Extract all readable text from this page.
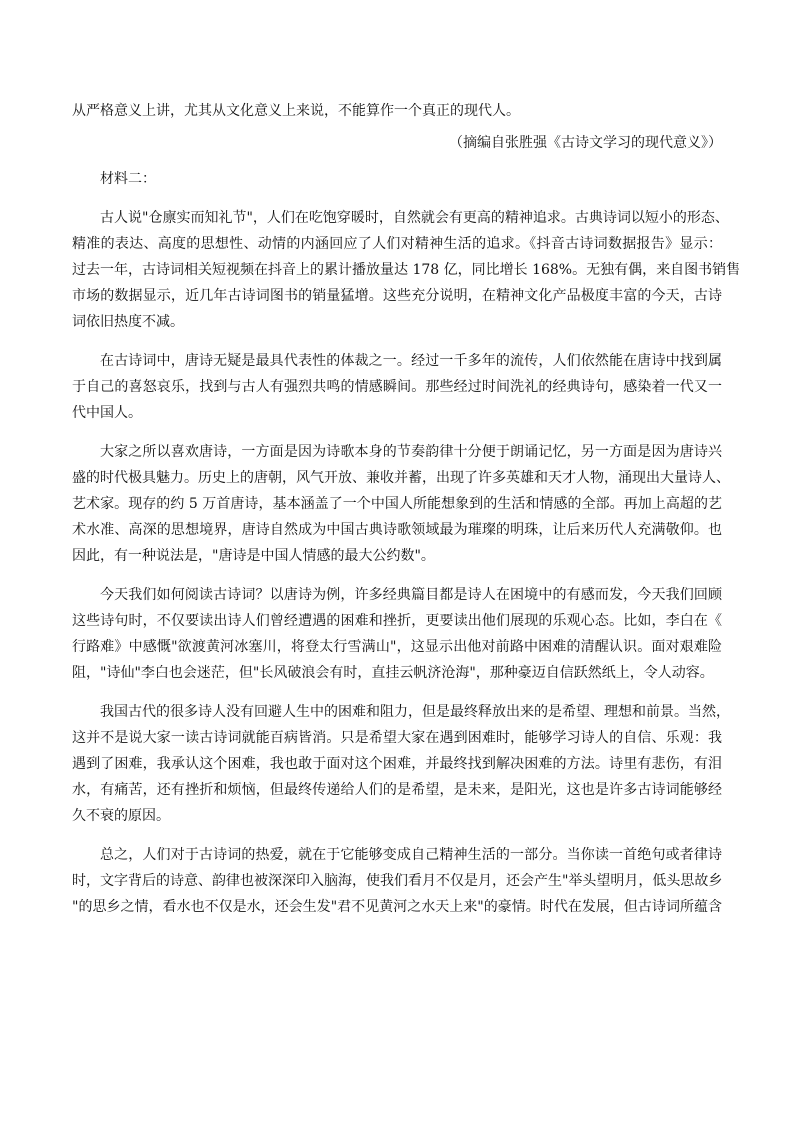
从严格意义上讲，尤其从文化意义上来说，不能算作一个真正的现代人。

（摘编自张胜强《古诗文学习的现代意义》）

材料二：

古人说"仓廪实而知礼节"，人们在吃饱穿暖时，自然就会有更高的精神追求。古典诗词以短小的形态、

精准的表达、高度的思想性、动情的内涵回应了人们对精神生活的追求。《抖音古诗词数据报告》显示：

过去一年，古诗词相关短视频在抖音上的累计播放量达 178 亿，同比增长 168%。无独有偶，来自图书销售

市场的数据显示，近几年古诗词图书的销量猛增。这些充分说明，在精神文化产品极度丰富的今天，古诗

词依旧热度不减。

在古诗词中，唐诗无疑是最具代表性的体裁之一。经过一千多年的流传，人们依然能在唐诗中找到属

于自己的喜怒哀乐，找到与古人有强烈共鸣的情感瞬间。那些经过时间洗礼的经典诗句，感染着一代又一

代中国人。

大家之所以喜欢唐诗，一方面是因为诗歌本身的节奏韵律十分便于朗诵记忆，另一方面是因为唐诗兴

盛的时代极具魅力。历史上的唐朝，风气开放、兼收并蓄，出现了许多英雄和天才人物，涌现出大量诗人、

艺术家。现存的约 5 万首唐诗，基本涵盖了一个中国人所能想象到的生活和情感的全部。再加上高超的艺

术水准、高深的思想境界，唐诗自然成为中国古典诗歌领域最为璀璨的明珠，让后来历代人充满敬仰。也

因此，有一种说法是，"唐诗是中国人情感的最大公约数"。

今天我们如何阅读古诗词？以唐诗为例，许多经典篇目都是诗人在困境中的有感而发，今天我们回顾

这些诗句时，不仅要读出诗人们曾经遭遇的困难和挫折，更要读出他们展现的乐观心态。比如，李白在《

行路难》中感慨"欲渡黄河冰塞川，将登太行雪满山"，这显示出他对前路中困难的清醒认识。面对艰难险

阻，"诗仙"李白也会迷茫，但"长风破浪会有时，直挂云帆济沧海"，那种豪迈自信跃然纸上，令人动容。

我国古代的很多诗人没有回避人生中的困难和阻力，但是最终释放出来的是希望、理想和前景。当然，

这并不是说大家一读古诗词就能百病皆消。只是希望大家在遇到困难时，能够学习诗人的自信、乐观：我

遇到了困难，我承认这个困难，我也敢于面对这个困难，并最终找到解决困难的方法。诗里有悲伤，有泪

水，有痛苦，还有挫折和烦恼，但最终传递给人们的是希望，是未来，是阳光，这也是许多古诗词能够经

久不衰的原因。

总之，人们对于古诗词的热爱，就在于它能够变成自己精神生活的一部分。当你读一首绝句或者律诗

时，文字背后的诗意、韵律也被深深印入脑海，使我们看月不仅是月，还会产生"举头望明月，低头思故乡

"的思乡之情，看水也不仅是水，还会生发"君不见黄河之水天上来"的豪情。时代在发展，但古诗词所蕴含
